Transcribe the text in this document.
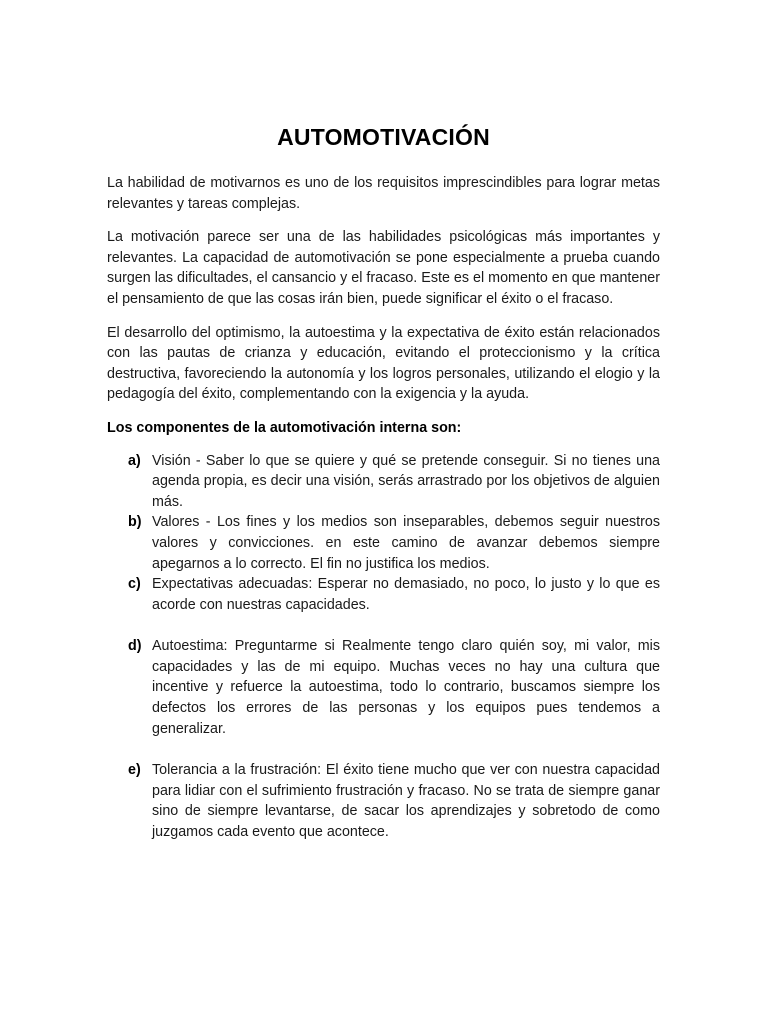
AUTOMOTIVACIÓN

La habilidad de motivarnos es uno de los requisitos imprescindibles para lograr metas relevantes y tareas complejas.

La motivación parece ser una de las habilidades psicológicas más importantes y relevantes. La capacidad de automotivación se pone especialmente a prueba cuando surgen las dificultades, el cansancio y el fracaso. Este es el momento en que mantener el pensamiento de que las cosas irán bien, puede significar el éxito o el fracaso.

El desarrollo del optimismo, la autoestima y la expectativa de éxito están relacionados con las pautas de crianza y educación, evitando el proteccionismo y la crítica destructiva, favoreciendo la autonomía y los logros personales, utilizando el elogio y la pedagogía del éxito, complementando con la exigencia y la ayuda.

Los componentes de la automotivación interna son:

a) Visión - Saber lo que se quiere y qué se pretende conseguir. Si no tienes una agenda propia, es decir una visión, serás arrastrado por los objetivos de alguien más.
b) Valores - Los fines y los medios son inseparables, debemos seguir nuestros valores y convicciones. en este camino de avanzar debemos siempre apegarnos a lo correcto. El fin no justifica los medios.
c) Expectativas adecuadas: Esperar no demasiado, no poco, lo justo y lo que es acorde con nuestras capacidades.
d) Autoestima: Preguntarme si Realmente tengo claro quién soy, mi valor, mis capacidades y las de mi equipo. Muchas veces no hay una cultura que incentive y refuerce la autoestima, todo lo contrario, buscamos siempre los defectos los errores de las personas y los equipos pues tendemos a generalizar.
e) Tolerancia a la frustración: El éxito tiene mucho que ver con nuestra capacidad para lidiar con el sufrimiento frustración y fracaso. No se trata de siempre ganar sino de siempre levantarse, de sacar los aprendizajes y sobretodo de como juzgamos cada evento que acontece.
